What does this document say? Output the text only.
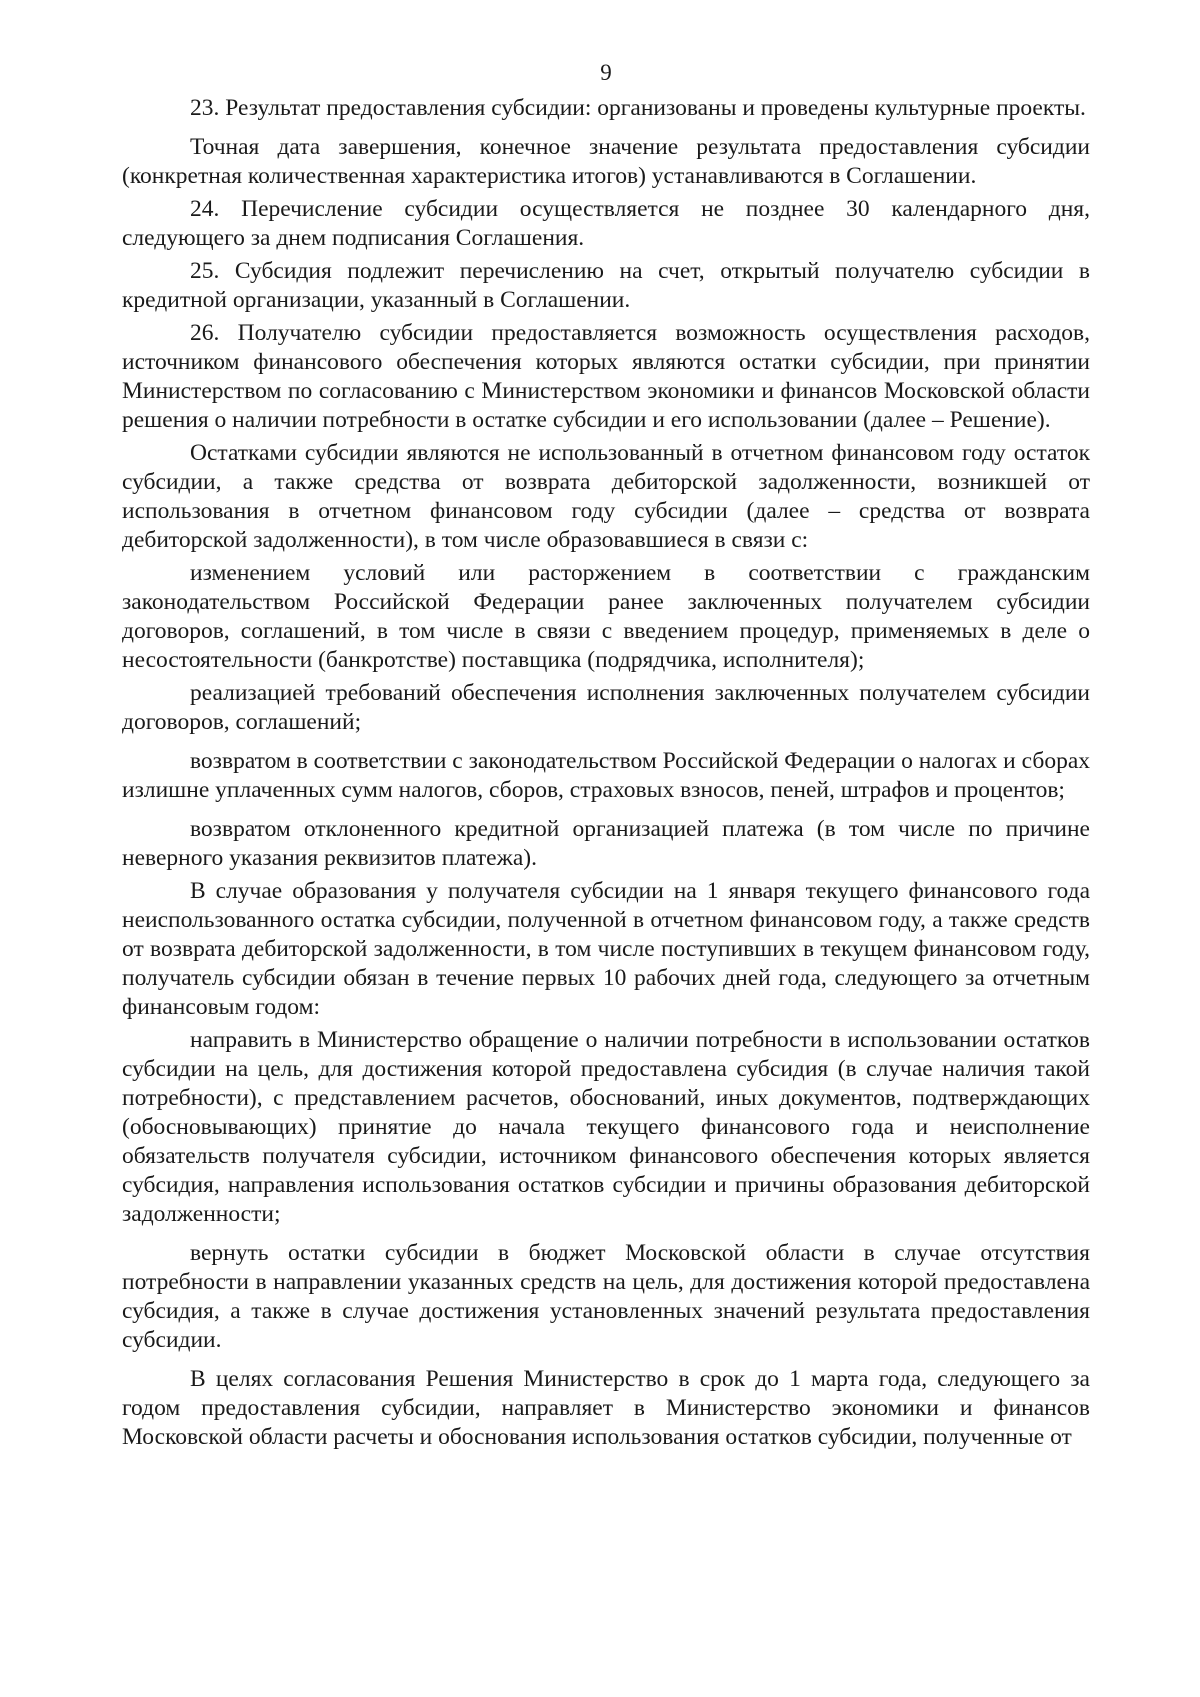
9

23. Результат предоставления субсидии: организованы и проведены культурные проекты.

Точная дата завершения, конечное значение результата предоставления субсидии (конкретная количественная характеристика итогов) устанавливаются в Соглашении.

24. Перечисление субсидии осуществляется не позднее 30 календарного дня, следующего за днем подписания Соглашения.

25. Субсидия подлежит перечислению на счет, открытый получателю субсидии в кредитной организации, указанный в Соглашении.

26. Получателю субсидии предоставляется возможность осуществления расходов, источником финансового обеспечения которых являются остатки субсидии, при принятии Министерством по согласованию с Министерством экономики и финансов Московской области решения о наличии потребности в остатке субсидии и его использовании (далее – Решение).

Остатками субсидии являются не использованный в отчетном финансовом году остаток субсидии, а также средства от возврата дебиторской задолженности, возникшей от использования в отчетном финансовом году субсидии (далее – средства от возврата дебиторской задолженности), в том числе образовавшиеся в связи с:

изменением условий или расторжением в соответствии с гражданским законодательством Российской Федерации ранее заключенных получателем субсидии договоров, соглашений, в том числе в связи с введением процедур, применяемых в деле о несостоятельности (банкротстве) поставщика (подрядчика, исполнителя);

реализацией требований обеспечения исполнения заключенных получателем субсидии договоров, соглашений;

возвратом в соответствии с законодательством Российской Федерации о налогах и сборах излишне уплаченных сумм налогов, сборов, страховых взносов, пеней, штрафов и процентов;

возвратом отклоненного кредитной организацией платежа (в том числе по причине неверного указания реквизитов платежа).

В случае образования у получателя субсидии на 1 января текущего финансового года неиспользованного остатка субсидии, полученной в отчетном финансовом году, а также средств от возврата дебиторской задолженности, в том числе поступивших в текущем финансовом году, получатель субсидии обязан в течение первых 10 рабочих дней года, следующего за отчетным финансовым годом:

направить в Министерство обращение о наличии потребности в использовании остатков субсидии на цель, для достижения которой предоставлена субсидия (в случае наличия такой потребности), с представлением расчетов, обоснований, иных документов, подтверждающих (обосновывающих) принятие до начала текущего финансового года и неисполнение обязательств получателя субсидии, источником финансового обеспечения которых является субсидия, направления использования остатков субсидии и причины образования дебиторской задолженности;

вернуть остатки субсидии в бюджет Московской области в случае отсутствия потребности в направлении указанных средств на цель, для достижения которой предоставлена субсидия, а также в случае достижения установленных значений результата предоставления субсидии.

В целях согласования Решения Министерство в срок до 1 марта года, следующего за годом предоставления субсидии, направляет в Министерство экономики и финансов Московской области расчеты и обоснования использования остатков субсидии, полученные от
